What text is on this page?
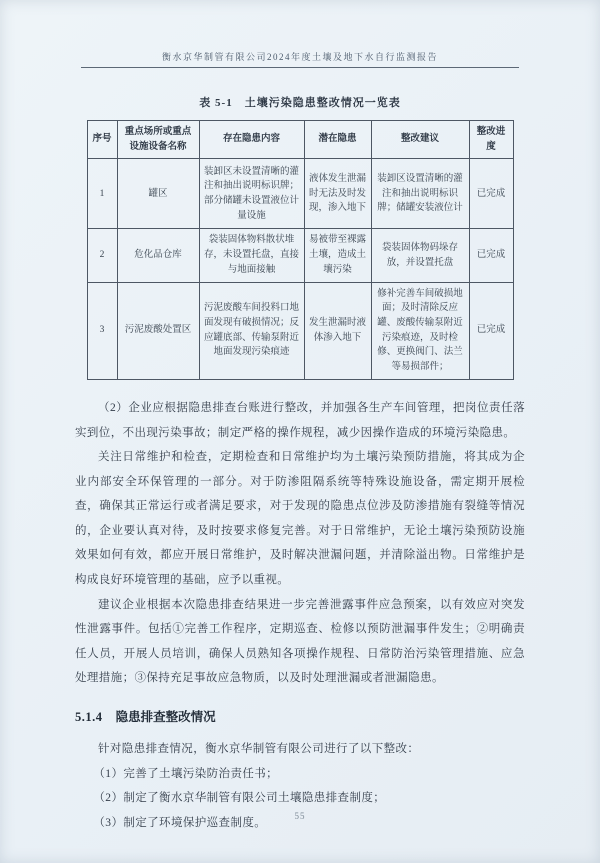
衡水京华制管有限公司2024年度土壤及地下水自行监测报告
表 5-1　土壤污染隐患整改情况一览表
序号	重点场所或重点设施设备名称	存在隐患内容	潜在隐患	整改建议	整改进度
1	罐区	装卸区未设置清晰的灌注和抽出说明标识牌；部分储罐未设置液位计量设施	液体发生泄漏时无法及时发现，渗入地下	装卸区设置清晰的灌注和抽出说明标识牌；储罐安装液位计	已完成
2	危化品仓库	袋装固体物料散状堆存，未设置托盘，直接与地面接触	易被带至裸露土壤，造成土壤污染	袋装固体物码垛存放，并设置托盘	已完成
3	污泥废酸处置区	污泥废酸车间投料口地面发现有破损情况；反应罐底部、传输泵附近地面发现污染痕迹	发生泄漏时液体渗入地下	修补完善车间破损地面；及时清除反应罐、废酸传输泵附近污染痕迹，及时检修、更换阀门、法兰等易损部件；	已完成

（2）企业应根据隐患排查台账进行整改，并加强各生产车间管理，把岗位责任落实到位，不出现污染事故；制定严格的操作规程，减少因操作造成的环境污染隐患。

关注日常维护和检查，定期检查和日常维护均为土壤污染预防措施，将其成为企业内部安全环保管理的一部分。对于防渗阻隔系统等特殊设施设备，需定期开展检查，确保其正常运行或者满足要求，对于发现的隐患点位涉及防渗措施有裂缝等情况的，企业要认真对待，及时按要求修复完善。对于日常维护，无论土壤污染预防设施效果如何有效，都应开展日常维护，及时解决泄漏问题，并清除溢出物。日常维护是构成良好环境管理的基础，应予以重视。

建议企业根据本次隐患排查结果进一步完善泄露事件应急预案，以有效应对突发性泄露事件。包括①完善工作程序，定期巡查、检修以预防泄漏事件发生；②明确责任人员，开展人员培训，确保人员熟知各项操作规程、日常防治污染管理措施、应急处理措施；③保持充足事故应急物质，以及时处理泄漏或者泄漏隐患。

5.1.4 隐患排查整改情况

针对隐患排查情况，衡水京华制管有限公司进行了以下整改：

（1）完善了土壤污染防治责任书；

（2）制定了衡水京华制管有限公司土壤隐患排查制度；

（3）制定了环境保护巡查制度。

55
